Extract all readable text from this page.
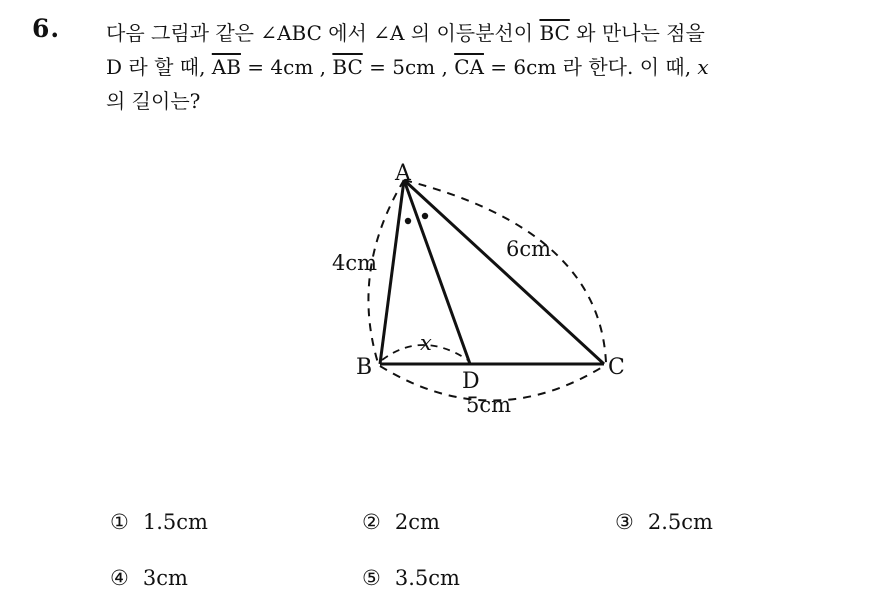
6. 다음 그림과 같은 ∠ABC 에서 ∠A 의 이등분선이 $\overline{BC}$ 와 만나는 점을
D 라 할 때, $\overline{AB} = 4cm$ , $\overline{BC} = 5cm$ , $\overline{CA} = 6cm$ 라 한다. 이 때, x
의 길이는?
A
B	C
D
4cm
6cm
5cm
x
① 1.5cm	② 2cm	③ 2.5cm
④ 3cm	⑤ 3.5cm
